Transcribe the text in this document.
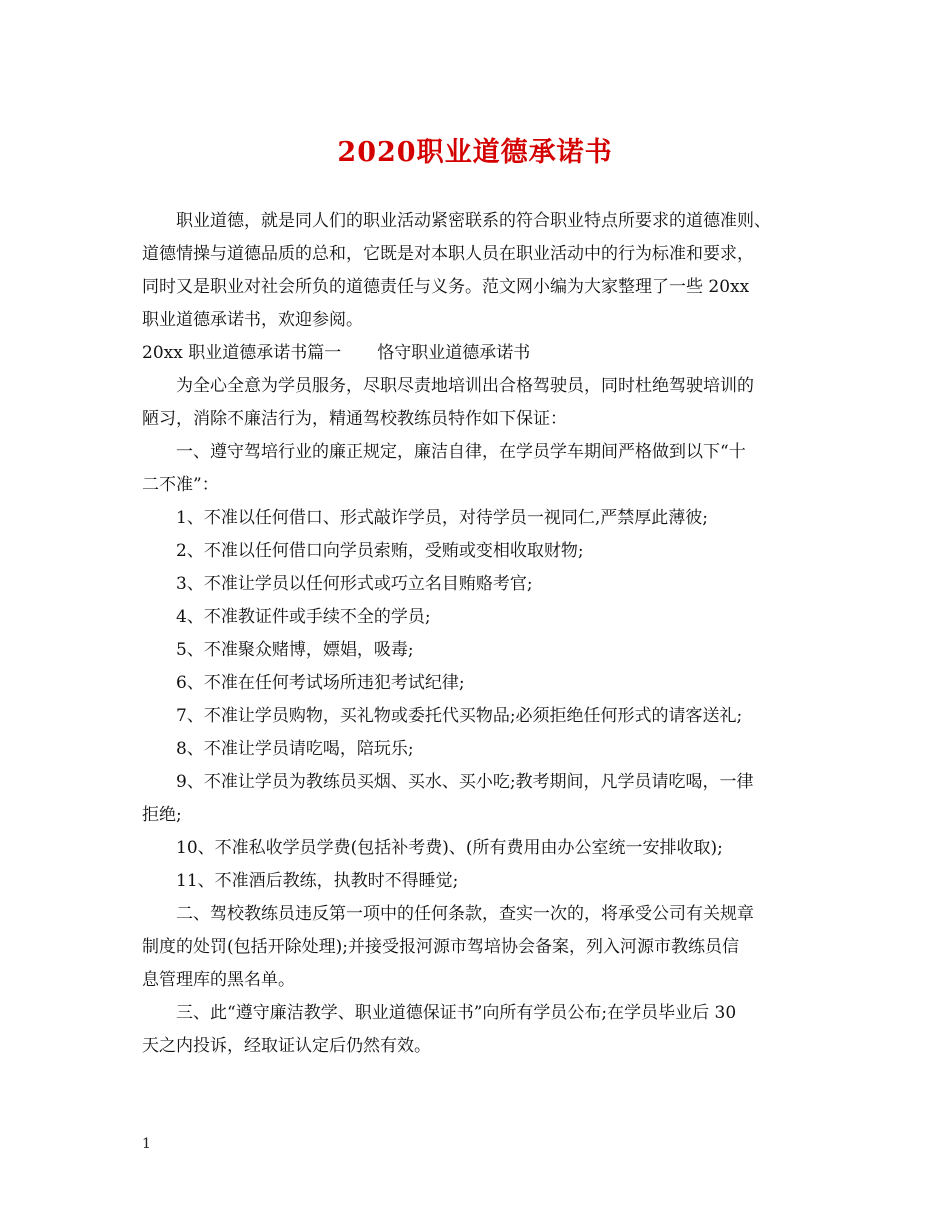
2020职业道德承诺书
职业道德，就是同人们的职业活动紧密联系的符合职业特点所要求的道德准则、
道德情操与道德品质的总和，它既是对本职人员在职业活动中的行为标准和要求，
同时又是职业对社会所负的道德责任与义务。范文网小编为大家整理了一些 20xx
职业道德承诺书，欢迎参阅。
20xx 职业道德承诺书篇一 恪守职业道德承诺书
为全心全意为学员服务，尽职尽责地培训出合格驾驶员，同时杜绝驾驶培训的
陋习，消除不廉洁行为，精通驾校教练员特作如下保证：
一、遵守驾培行业的廉正规定，廉洁自律，在学员学车期间严格做到以下“十
二不准”：
1、不准以任何借口、形式敲诈学员，对待学员一视同仁,严禁厚此薄彼;
2、不准以任何借口向学员索贿，受贿或变相收取财物;
3、不准让学员以任何形式或巧立名目贿赂考官;
4、不准教证件或手续不全的学员;
5、不准聚众赌博，嫖娼，吸毒;
6、不准在任何考试场所违犯考试纪律;
7、不准让学员购物，买礼物或委托代买物品;必须拒绝任何形式的请客送礼;
8、不准让学员请吃喝，陪玩乐;
9、不准让学员为教练员买烟、买水、买小吃;教考期间，凡学员请吃喝，一律
拒绝;
10、不准私收学员学费(包括补考费)、(所有费用由办公室统一安排收取);
11、不准酒后教练，执教时不得睡觉;
二、驾校教练员违反第一项中的任何条款，查实一次的，将承受公司有关规章
制度的处罚(包括开除处理);并接受报河源市驾培协会备案，列入河源市教练员信
息管理库的黑名单。
三、此“遵守廉洁教学、职业道德保证书”向所有学员公布;在学员毕业后 30
天之内投诉，经取证认定后仍然有效。
1
